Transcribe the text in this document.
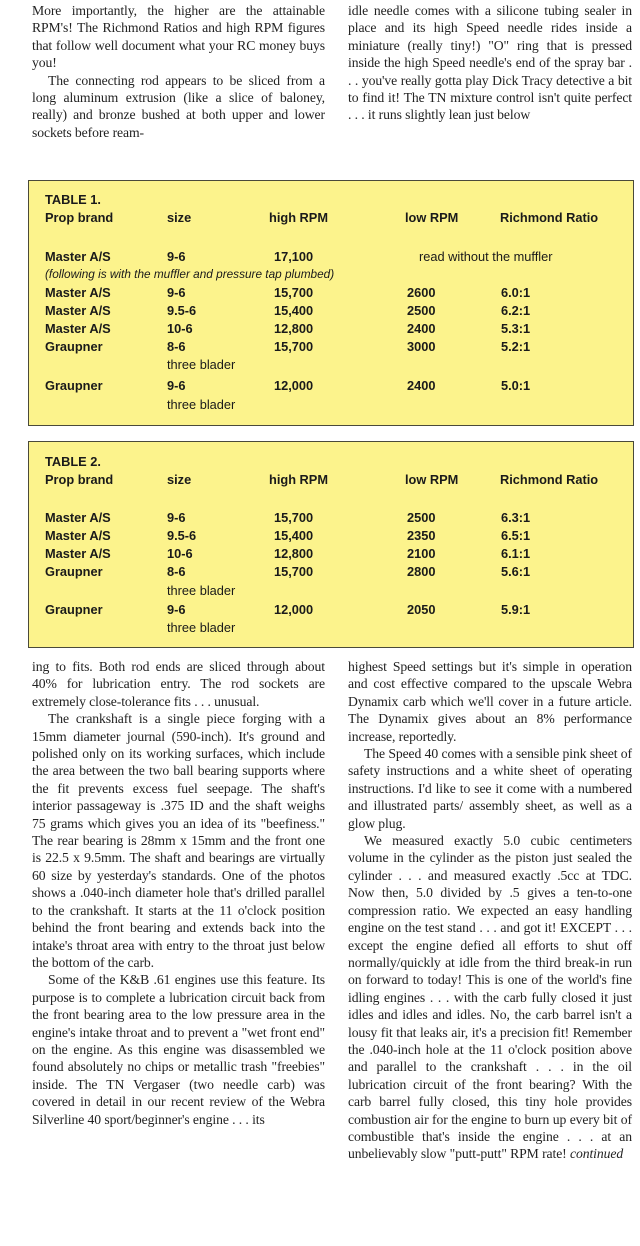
More importantly, the higher are the attainable RPM's! The Richmond Ratios and high RPM figures that follow well document what your RC money buys you!

The connecting rod appears to be sliced from a long aluminum extrusion (like a slice of baloney, really) and bronze bushed at both upper and lower sockets before ream-

idle needle comes with a silicone tubing sealer in place and its high Speed needle rides inside a miniature (really tiny!) "O" ring that is pressed inside the high Speed needle's end of the spray bar . . . you've really gotta play Dick Tracy detective a bit to find it! The TN mixture control isn't quite perfect . . . it runs slightly lean just below

TABLE 1.
Prop brand	size	high RPM	low RPM	Richmond Ratio
Master A/S	9-6	17,100	read without the muffler
(following is with the muffler and pressure tap plumbed)
Master A/S	9-6	15,700	2600	6.0:1
Master A/S	9.5-6	15,400	2500	6.2:1
Master A/S	10-6	12,800	2400	5.3:1
Graupner	8-6	15,700	3000	5.2:1
three blader
Graupner	9-6	12,000	2400	5.0:1
three blader
TABLE 2.
Prop brand	size	high RPM	low RPM	Richmond Ratio
Master A/S	9-6	15,700	2500	6.3:1
Master A/S	9.5-6	15,400	2350	6.5:1
Master A/S	10-6	12,800	2100	6.1:1
Graupner	8-6	15,700	2800	5.6:1
three blader
Graupner	9-6	12,000	2050	5.9:1
three blader

ing to fits. Both rod ends are sliced through about 40% for lubrication entry. The rod sockets are extremely close-tolerance fits . . . unusual.

The crankshaft is a single piece forging with a 15mm diameter journal (590-inch). It's ground and polished only on its working surfaces, which include the area between the two ball bearing supports where the fit prevents excess fuel seepage. The shaft's interior passageway is .375 ID and the shaft weighs 75 grams which gives you an idea of its "beefiness." The rear bearing is 28mm x 15mm and the front one is 22.5 x 9.5mm. The shaft and bearings are virtually 60 size by yesterday's standards. One of the photos shows a .040-inch diameter hole that's drilled parallel to the crankshaft. It starts at the 11 o'clock position behind the front bearing and extends back into the intake's throat area with entry to the throat just below the bottom of the carb.

Some of the K&B .61 engines use this feature. Its purpose is to complete a lubrication circuit back from the front bearing area to the low pressure area in the engine's intake throat and to prevent a "wet front end" on the engine. As this engine was disassembled we found absolutely no chips or metallic trash "freebies" inside. The TN Vergaser (two needle carb) was covered in detail in our recent review of the Webra Silverline 40 sport/beginner's engine . . . its

highest Speed settings but it's simple in operation and cost effective compared to the upscale Webra Dynamix carb which we'll cover in a future article. The Dynamix gives about an 8% performance increase, reportedly.

The Speed 40 comes with a sensible pink sheet of safety instructions and a white sheet of operating instructions. I'd like to see it come with a numbered and illustrated parts/ assembly sheet, as well as a glow plug.

We measured exactly 5.0 cubic centimeters volume in the cylinder as the piston just sealed the cylinder . . . and measured exactly .5cc at TDC. Now then, 5.0 divided by .5 gives a ten-to-one compression ratio. We expected an easy handling engine on the test stand . . . and got it! EXCEPT . . . except the engine defied all efforts to shut off normally/quickly at idle from the third break-in run on forward to today! This is one of the world's fine idling engines . . . with the carb fully closed it just idles and idles and idles. No, the carb barrel isn't a lousy fit that leaks air, it's a precision fit! Remember the .040-inch hole at the 11 o'clock position above and parallel to the crankshaft . . . in the oil lubrication circuit of the front bearing? With the carb barrel fully closed, this tiny hole provides combustion air for the engine to burn up every bit of combustible that's inside the engine . . . at an unbelievably slow "putt-putt" RPM rate! continued
